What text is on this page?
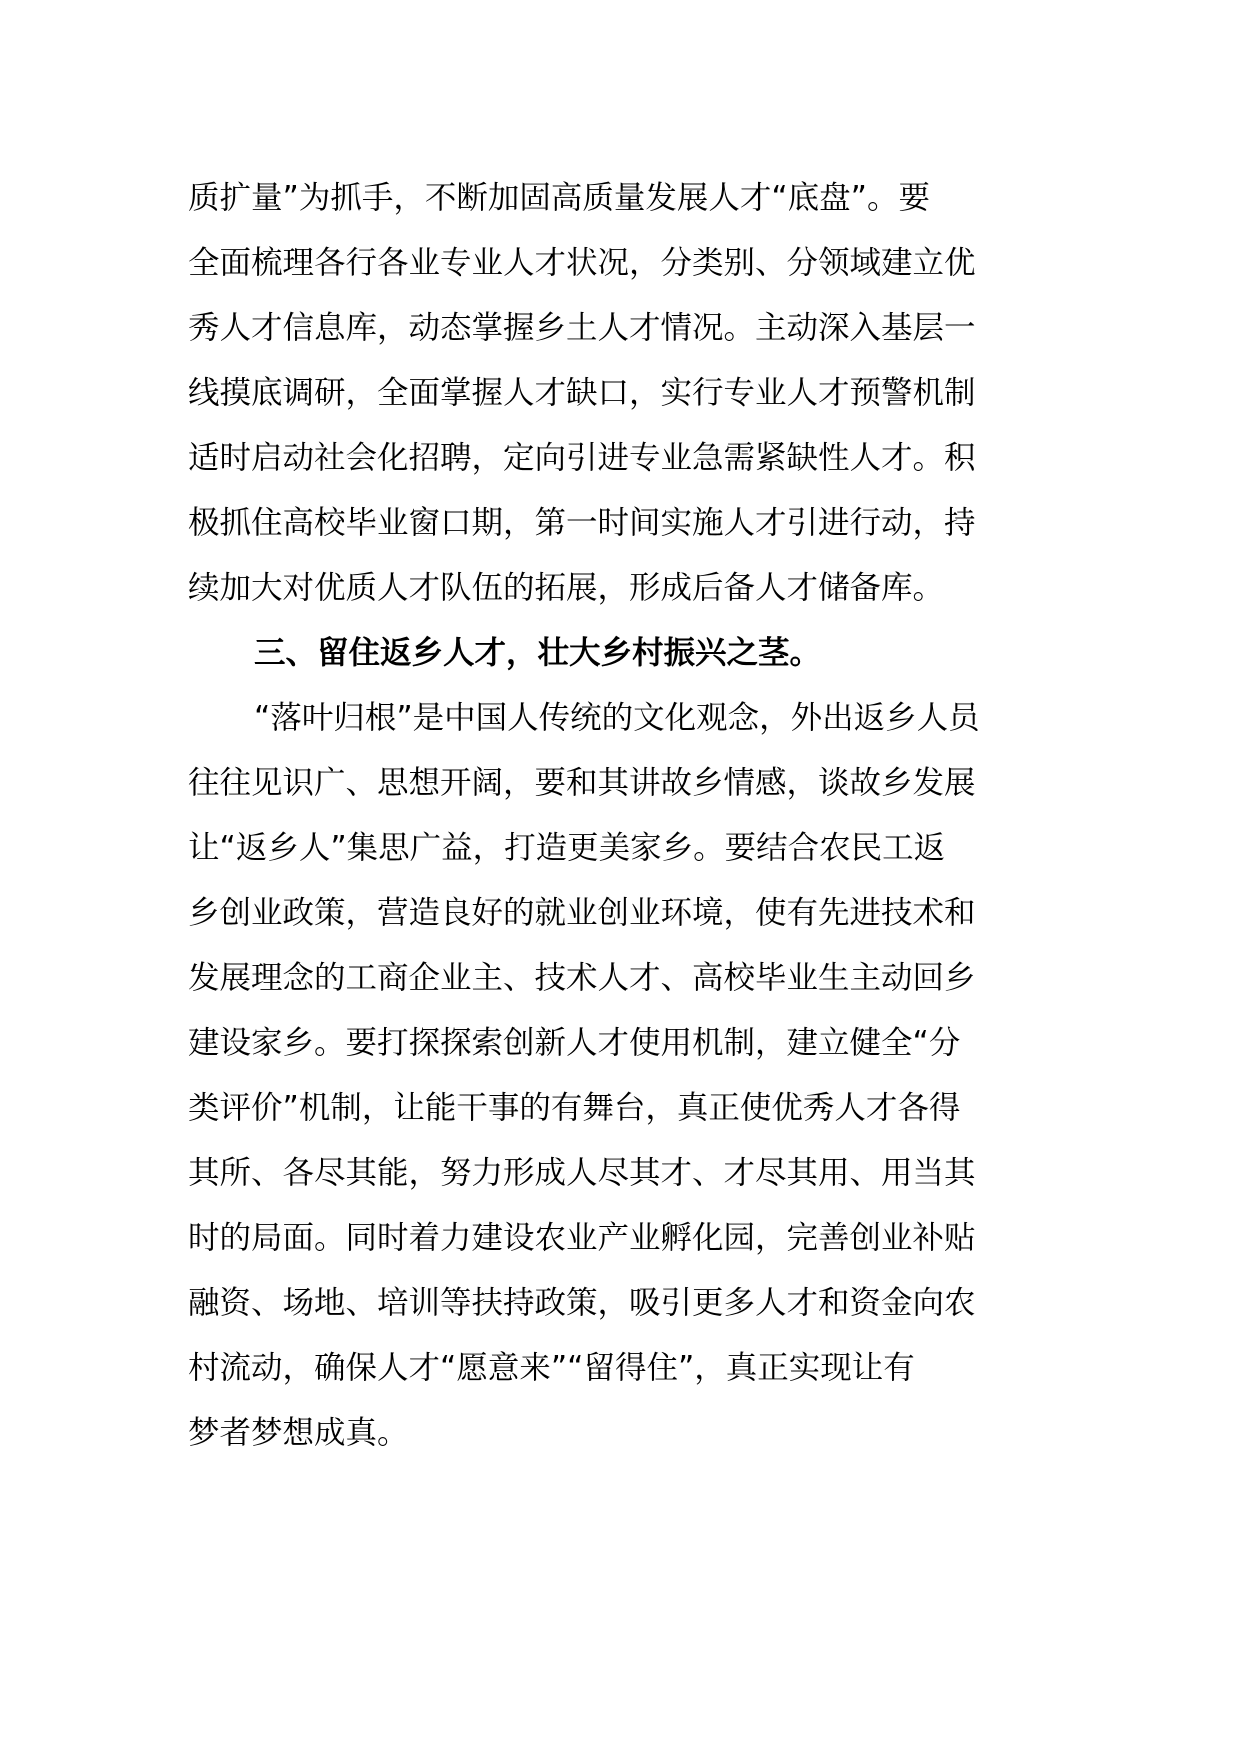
质扩量”为抓手，不断加固高质量发展人才“底盘”。要
全面梳理各行各业专业人才状况，分类别、分领域建立优
秀人才信息库，动态掌握乡土人才情况。主动深入基层一
线摸底调研，全面掌握人才缺口，实行专业人才预警机制
适时启动社会化招聘，定向引进专业急需紧缺性人才。积
极抓住高校毕业窗口期，第一时间实施人才引进行动，持
续加大对优质人才队伍的拓展，形成后备人才储备库。
三、留住返乡人才，壮大乡村振兴之茎。
“落叶归根”是中国人传统的文化观念，外出返乡人员
往往见识广、思想开阔，要和其讲故乡情感，谈故乡发展
让“返乡人”集思广益，打造更美家乡。要结合农民工返
乡创业政策，营造良好的就业创业环境，使有先进技术和
发展理念的工商企业主、技术人才、高校毕业生主动回乡
建设家乡。要打探探索创新人才使用机制，建立健全“分
类评价”机制，让能干事的有舞台，真正使优秀人才各得
其所、各尽其能，努力形成人尽其才、才尽其用、用当其
时的局面。同时着力建设农业产业孵化园，完善创业补贴
融资、场地、培训等扶持政策，吸引更多人才和资金向农
村流动，确保人才“愿意来”“留得住”，真正实现让有
梦者梦想成真。
